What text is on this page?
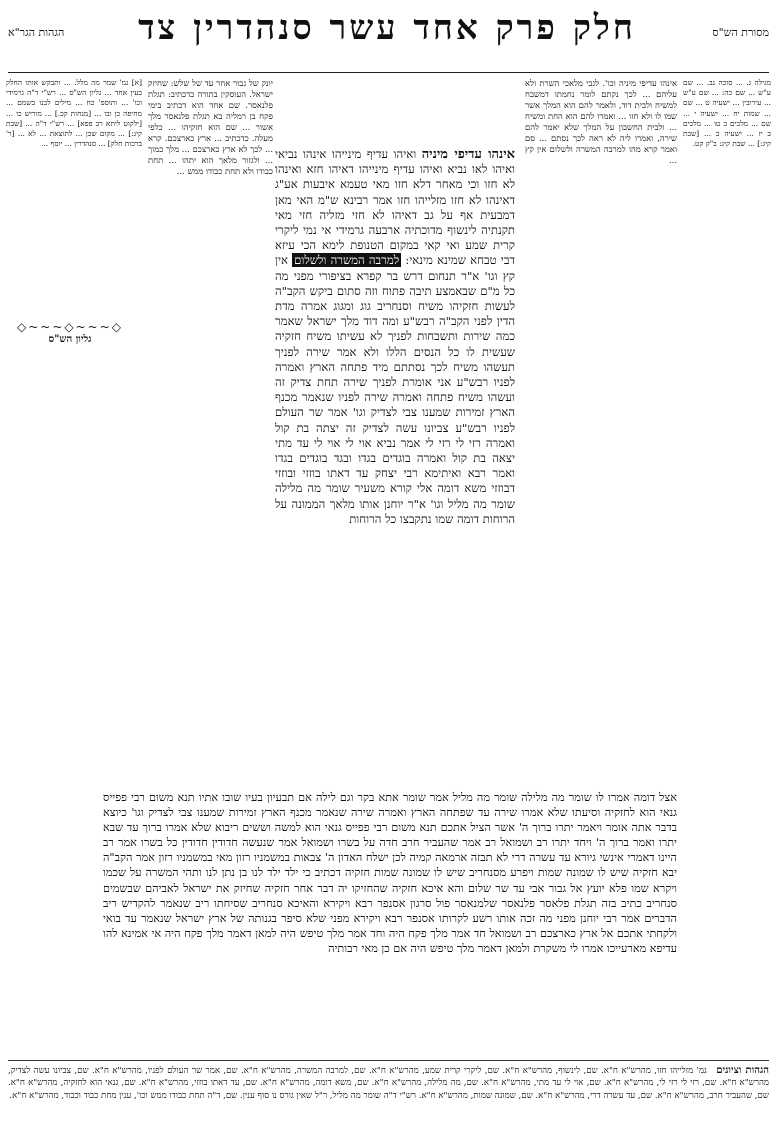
מסורת הש"ס
חלק פרק אחד עשר סנהדרין צד
הגהות הגר"א
מגילה ג. ... סוכה נב. ... שם ע"ש ... שם כה: ... שם ע"ש ... עירובין ... ישעיה ט ... שם ... שמות יח ... ישעיה י ... שם ... מלכים ב טו ... מלכים ב יז ... ישעיה כ ... [שבת קיג:] ... שבת קיג: ב"ק קט.
אינהו עדיפי מיניה וכו'. לגבי מלאכי השרת ולא עליהם ... לכך נקתם לומר נחמתו דמשבח למשיח ולבית דוד, ולאמר להם הוא המלך אשר שמו לו ולא חזו ... ואמרו להם הוא החת ומשיח ... ולבית החשבון על המלך שלא יאמר להם שירה, ואמרו ליה לא ראה לכך נסתם ... סם ואמר קרא מהו למרבה המשרה ולשלום אין קץ ...
אינהו עדיפי מיניה ואיהו עדיף מינייהו אינהו נביאי ואיהו לאו נביא ואיהו עדיף מינייהו דאיהו חזא ואינהו לא חזו וכי מאחר דלא חזו מאי טעמא איבעות אע"ג דאינהו לא חזו מזלייהו חזו אמר רבינא ש"מ האי מאן דמבעית אף על גב דאיהו לא חזי מזליה חזי מאי תקנתיה לינשוף מדוכתיה ארבעה גרמידי אי נמי ליקרי קרית שמע ואי קאי במקום הטנופת לימא הכי עיזא דבי טבחא שמינא מינאי: למרבה המשרה ולשלום אין קץ וגו' א"ר תנחום דרש בר קפרא בציפורי מפני מה כל מ"ם שבאמצע תיבה פתוח וזה סתום ביקש הקב"ה לעשות חזקיהו משיח וסנחריב גוג ומגוג אמרה מדת הדין לפני הקב"ה רבש"ע ומה דוד מלך ישראל שאמר כמה שירות ותשבחות לפניך לא עשיתו משיח חזקיה שעשית לו כל הנסים הללו ולא אמר שירה לפניך תעשהו משיח לכך נסתתם מיד פתחה הארץ ואמרה לפניו רבש"ע אני אומרת לפניך שירה תחת צדיק זה ועשהו משיח פתחה ואמרה שירה לפניו שנאמר מכנף הארץ זמירות שמענו צבי לצדיק וגו' אמר שר העולם לפניו רבש"ע צביונו עשה לצדיק זה יצתה בת קול ואמרה רזי לי רזי לי אמר נביא אוי לי אוי לי עד מתי יצאה בת קול ואמרה בוגדים בגדו ובגד בוגדים בגדו ואמר רבא ואיתימא רבי יצחק עד דאתו בוזזי ובוזזי דבוזזי משא דומה אלי קורא משעיר שומר מה מלילה שומר מה מליל וגו' א"ר יוחנן אותו מלאך הממונה על הרוחות דומה שמו נתקבצו כל הרוחות
יונק של גבור אחר עד של שלש: שחיזק ישראל. העוסקין בתורה כדכתיב: תגלת פלנאסר. שם אחד הוא דכתיב בימי פקח בן רמליה בא תגלת פלנאסר מלך אשור ... שם הוא חזקיהו ... כלפי מעלה. כדכתיב ... ארץ כארצכם. קרא ... לכך לא ארץ כארצכם ... מלך כמוך ... ולגזור מלאך הוא יתהו ... תחת כבודו ולא תחת כבודו ממש ...
◇~~~◇~~~◇
גליון הש"ס
[א] גמ' שמר מה מלל. ... ותבקש אותו החלק בעין אחד ... גליון הש"ס ... רש"י ד"ה גרמידי וכו' ... ותוספ' כח ... מילים לבנו בשמם ... מחיפה כן ובו ... [מנחות קכ.] ... מוריש כו ... [ילקוט ליתא רב פפא] ... רש"י ד"ה ... [שבת קיג:] ... מקום שכן ... לתוצאת ... לא ... [ר' ברכות חלק] ... סנהדרין ... יוסף ...
אצל דומה אמרו לו שומר מה מלילה שומר מה מליל אמר שומר אתא בקר וגם לילה אם תבעיון בעיו שובו אתיו תנא משום רבי פפייס גנאי הוא לחזקיה וסיעתו שלא אמרו שירה עד שפתחה הארץ ואמרה שירה שנאמר מכנף הארץ זמירות שמענו צבי לצדיק וגו' כיוצא בדבר אתה אומר ויאמר יתרו ברוך ה' אשר הציל אתכם תנא משום רבי פפייס גנאי הוא למשה וששים ריבוא שלא אמרו ברוך עד שבא יתרו ואמר ברוך ה' ויחד יתרו רב ושמואל רב אמר שהעביר חרב חדה על בשרו ושמואל אמר שנעשה חדודין חדודין כל בשרו אמר רב היינו דאמרי אינשי גיורא עד עשרה דרי לא תבזה ארמאה קמיה לכן ישלח האדון ה' צבאות במשמניו רזון מאי במשמניו רזון אמר הקב"ה יבא חזקיה שיש לו שמונה שמות ויפרע מסנחריב שיש לו שמונה שמות חזקיה דכתיב כי ילד ילד לנו בן נתן לנו ותהי המשרה על שכמו ויקרא שמו פלא יועץ אל גבור אבי עד שר שלום והא איכא חזקיה שהחזיקו יה דבר אחר חזקיה שחיזק את ישראל לאביהם שבשמים סנחריב כתיב בזה תגלת פלאסר פלנאסר שלמנאסר פול סרגון אסנפר רבא ויקירא והאיכא סנחריב שסיחתו ריב שנאמר להקדיש ריב הדברים אמר רבי יוחנן מפני מה זכה אותו רשע לקרותו אסנפר רבא ויקירא מפני שלא סיפר בגנותה של ארץ ישראל שנאמר עד בואי ולקחתי אתכם אל ארץ כארצכם רב ושמואל חד אמר מלך פקח היה וחד אמר מלך טיפש היה למאן דאמר מלך פקח היה אי אמינא להו עדיפא מארעייכו אמרו לי משקרת ולמאן דאמר מלך טיפש היה אם כן מאי רבותיה
הגהות וציונים גמ' מזלייהו חזו, מהרש"א ח"א. שם, לינשוף, מהרש"א ח"א. שם, ליקרי קרית שמע, מהרש"א ח"א. שם, למרבה המשרה, מהרש"א ח"א. שם, אמר שר העולם לפניו, מהרש"א ח"א. שם, צביונו עשה לצדיק, מהרש"א ח"א. שם, רזי לי רזי לי, מהרש"א ח"א. שם, אוי לי עד מתי, מהרש"א ח"א. שם, מה מלילה, מהרש"א ח"א. שם, משא דומה, מהרש"א ח"א. שם, עד דאתו בוזזי, מהרש"א ח"א. שם, גנאי הוא לחזקיה, מהרש"א ח"א. שם, שהעביר חרב, מהרש"א ח"א. שם, עד עשרה דרי, מהרש"א ח"א. שם, שמונה שמות, מהרש"א ח"א. רש"י ד"ה שומר מה מליל, ר"ל שאין גורס נו סוף ענין. שם, ד"ה תחת כבודו ממש וכו', ענין מחת כבוד וכבוד, מהרש"א ח"א.
